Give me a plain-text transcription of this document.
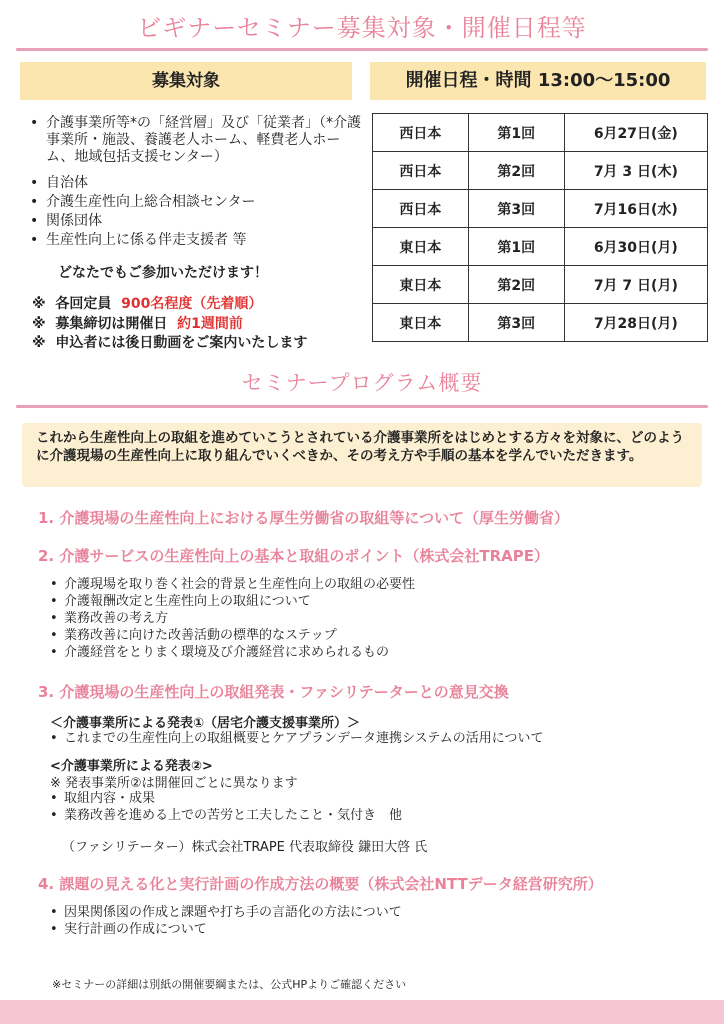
ビギナーセミナー募集対象・開催日程等
募集対象
• 介護事業所等*の「経営層」及び「従業者」（*介護事業所・施設、養護老人ホーム、軽費老人ホーム、地域包括支援センター）
• 自治体
• 介護生産性向上総合相談センター
• 関係団体
• 生産性向上に係る伴走支援者 等
どなたでもご参加いただけます！
※ 各回定員 900名程度（先着順）
※ 募集締切は開催日 約1週間前
※ 申込者には後日動画をご案内いたします
開催日程・時間 13:00～15:00
西日本	第1回	6月27日(金)
西日本	第2回	7月 3 日(木)
西日本	第3回	7月16日(水)
東日本	第1回	6月30日(月)
東日本	第2回	7月 7 日(月)
東日本	第3回	7月28日(月)
セミナープログラム概要
これから生産性向上の取組を進めていこうとされている介護事業所をはじめとする方々を対象に、どのように介護現場の生産性向上に取り組んでいくべきか、その考え方や手順の基本を学んでいただきます。
1. 介護現場の生産性向上における厚生労働省の取組等について（厚生労働省）
2. 介護サービスの生産性向上の基本と取組のポイント（株式会社TRAPE）
• 介護現場を取り巻く社会的背景と生産性向上の取組の必要性
• 介護報酬改定と生産性向上の取組について
• 業務改善の考え方
• 業務改善に向けた改善活動の標準的なステップ
• 介護経営をとりまく環境及び介護経営に求められるもの
3. 介護現場の生産性向上の取組発表・ファシリテーターとの意見交換
＜介護事業所による発表①（居宅介護支援事業所）＞
• これまでの生産性向上の取組概要とケアプランデータ連携システムの活用について
<介護事業所による発表②>
※ 発表事業所②は開催回ごとに異なります
• 取組内容・成果
• 業務改善を進める上での苦労と工夫したこと・気付き　他
（ファシリテーター）株式会社TRAPE 代表取締役 鎌田大啓 氏
4. 課題の見える化と実行計画の作成方法の概要（株式会社NTTデータ経営研究所）
• 因果関係図の作成と課題や打ち手の言語化の方法について
• 実行計画の作成について
※セミナーの詳細は別紙の開催要綱または、公式HPよりご確認ください
